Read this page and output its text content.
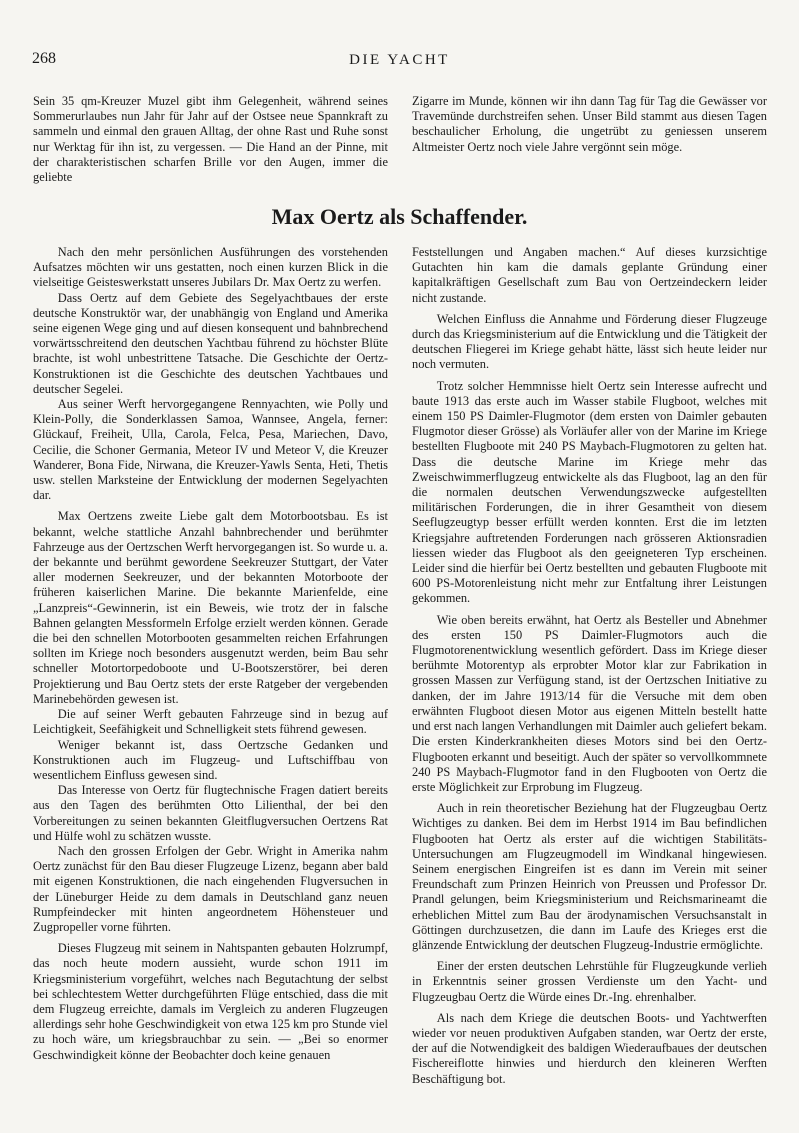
268	DIE YACHT

Sein 35 qm-Kreuzer Muzel gibt ihm Gelegenheit, während seines Sommerurlaubes nun Jahr für Jahr auf der Ostsee neue Spannkraft zu sammeln und einmal den grauen Alltag, der ohne Rast und Ruhe sonst nur Werktag für ihn ist, zu vergessen. — Die Hand an der Pinne, mit der charakteristischen scharfen Brille vor den Augen, immer die geliebte

Zigarre im Munde, können wir ihn dann Tag für Tag die Gewässer vor Travemünde durchstreifen sehen. Unser Bild stammt aus diesen Tagen beschaulicher Erholung, die ungetrübt zu geniessen unserem Altmeister Oertz noch viele Jahre vergönnt sein möge.

Max Oertz als Schaffender.

Nach den mehr persönlichen Ausführungen des vorstehenden Aufsatzes möchten wir uns gestatten, noch einen kurzen Blick in die vielseitige Geisteswerkstatt unseres Jubilars Dr. Max Oertz zu werfen.

Dass Oertz auf dem Gebiete des Segelyachtbaues der erste deutsche Konstruktör war, der unabhängig von England und Amerika seine eigenen Wege ging und auf diesen konsequent und bahnbrechend vorwärtsschreitend den deutschen Yachtbau führend zu höchster Blüte brachte, ist wohl unbestrittene Tatsache. Die Geschichte der Oertz-Konstruktionen ist die Geschichte des deutschen Yachtbaues und deutscher Segelei.

Aus seiner Werft hervorgegangene Rennyachten, wie Polly und Klein-Polly, die Sonderklassen Samoa, Wannsee, Angela, ferner: Glückauf, Freiheit, Ulla, Carola, Felca, Pesa, Mariechen, Davo, Cecilie, die Schoner Germania, Meteor IV und Meteor V, die Kreuzer Wanderer, Bona Fide, Nirwana, die Kreuzer-Yawls Senta, Heti, Thetis usw. stellen Marksteine der Entwicklung der modernen Segelyachten dar.

Max Oertzens zweite Liebe galt dem Motorbootsbau. Es ist bekannt, welche stattliche Anzahl bahnbrechender und berühmter Fahrzeuge aus der Oertzschen Werft hervorgegangen ist. So wurde u. a. der bekannte und berühmt gewordene Seekreuzer Stuttgart, der Vater aller modernen Seekreuzer, und der bekannten Motorboote der früheren kaiserlichen Marine. Die bekannte Marienfelde, eine „Lanzpreis“-Gewinnerin, ist ein Beweis, wie trotz der in falsche Bahnen gelangten Messformeln Erfolge erzielt werden können. Gerade die bei den schnellen Motorbooten gesammelten reichen Erfahrungen sollten im Kriege noch besonders ausgenutzt werden, beim Bau sehr schneller Motortorpedoboote und U-Bootszerstörer, bei deren Projektierung und Bau Oertz stets der erste Ratgeber der vergebenden Marinebehörden gewesen ist.

Die auf seiner Werft gebauten Fahrzeuge sind in bezug auf Leichtigkeit, Seefähigkeit und Schnelligkeit stets führend gewesen.

Weniger bekannt ist, dass Oertzsche Gedanken und Konstruktionen auch im Flugzeug- und Luftschiffbau von wesentlichem Einfluss gewesen sind.

Das Interesse von Oertz für flugtechnische Fragen datiert bereits aus den Tagen des berühmten Otto Lilienthal, der bei den Vorbereitungen zu seinen bekannten Gleitflugversuchen Oertzens Rat und Hülfe wohl zu schätzen wusste.

Nach den grossen Erfolgen der Gebr. Wright in Amerika nahm Oertz zunächst für den Bau dieser Flugzeuge Lizenz, begann aber bald mit eigenen Konstruktionen, die nach eingehenden Flugversuchen in der Lüneburger Heide zu dem damals in Deutschland ganz neuen Rumpfeindecker mit hinten angeordnetem Höhensteuer und Zugpropeller vorne führten.

Dieses Flugzeug mit seinem in Nahtspanten gebauten Holzrumpf, das noch heute modern aussieht, wurde schon 1911 im Kriegsministerium vorgeführt, welches nach Begutachtung der selbst bei schlechtestem Wetter durchgeführten Flüge entschied, dass die mit dem Flugzeug erreichte, damals im Vergleich zu anderen Flugzeugen allerdings sehr hohe Geschwindigkeit von etwa 125 km pro Stunde viel zu hoch wäre, um kriegsbrauchbar zu sein. — „Bei so enormer Geschwindigkeit könne der Beobachter doch keine genauen

Feststellungen und Angaben machen.“ Auf dieses kurzsichtige Gutachten hin kam die damals geplante Gründung einer kapitalkräftigen Gesellschaft zum Bau von Oertzeindeckern leider nicht zustande.

Welchen Einfluss die Annahme und Förderung dieser Flugzeuge durch das Kriegsministerium auf die Entwicklung und die Tätigkeit der deutschen Fliegerei im Kriege gehabt hätte, lässt sich heute leider nur noch vermuten.

Trotz solcher Hemmnisse hielt Oertz sein Interesse aufrecht und baute 1913 das erste auch im Wasser stabile Flugboot, welches mit einem 150 PS Daimler-Flugmotor (dem ersten von Daimler gebauten Flugmotor dieser Grösse) als Vorläufer aller von der Marine im Kriege bestellten Flugboote mit 240 PS Maybach-Flugmotoren zu gelten hat. Dass die deutsche Marine im Kriege mehr das Zweischwimmerflugzeug entwickelte als das Flugboot, lag an den für die normalen deutschen Verwendungszwecke aufgestellten militärischen Forderungen, die in ihrer Gesamtheit von diesem Seeflugzeugtyp besser erfüllt werden konnten. Erst die im letzten Kriegsjahre auftretenden Forderungen nach grösseren Aktionsradien liessen wieder das Flugboot als den geeigneteren Typ erscheinen. Leider sind die hierfür bei Oertz bestellten und gebauten Flugboote mit 600 PS-Motorenleistung nicht mehr zur Entfaltung ihrer Leistungen gekommen.

Wie oben bereits erwähnt, hat Oertz als Besteller und Abnehmer des ersten 150 PS Daimler-Flugmotors auch die Flugmotorenentwicklung wesentlich gefördert. Dass im Kriege dieser berühmte Motorentyp als erprobter Motor klar zur Fabrikation in grossen Massen zur Verfügung stand, ist der Oertzschen Initiative zu danken, der im Jahre 1913/14 für die Versuche mit dem oben erwähnten Flugboot diesen Motor aus eigenen Mitteln bestellt hatte und erst nach langen Verhandlungen mit Daimler auch geliefert bekam. Die ersten Kinderkrankheiten dieses Motors sind bei den Oertz-Flugbooten erkannt und beseitigt. Auch der später so vervollkommnete 240 PS Maybach-Flugmotor fand in den Flugbooten von Oertz die erste Möglichkeit zur Erprobung im Flugzeug.

Auch in rein theoretischer Beziehung hat der Flugzeugbau Oertz Wichtiges zu danken. Bei dem im Herbst 1914 im Bau befindlichen Flugbooten hat Oertz als erster auf die wichtigen Stabilitäts-Untersuchungen am Flugzeugmodell im Windkanal hingewiesen. Seinem energischen Eingreifen ist es dann im Verein mit seiner Freundschaft zum Prinzen Heinrich von Preussen und Professor Dr. Prandl gelungen, beim Kriegsministerium und Reichsmarineamt die erheblichen Mittel zum Bau der ärodynamischen Versuchsanstalt in Göttingen durchzusetzen, die dann im Laufe des Krieges erst die glänzende Entwicklung der deutschen Flugzeug-Industrie ermöglichte.

Einer der ersten deutschen Lehrstühle für Flugzeugkunde verlieh in Erkenntnis seiner grossen Verdienste um den Yacht- und Flugzeugbau Oertz die Würde eines Dr.-Ing. ehrenhalber.

Als nach dem Kriege die deutschen Boots- und Yachtwerften wieder vor neuen produktiven Aufgaben standen, war Oertz der erste, der auf die Notwendigkeit des baldigen Wiederaufbaues der deutschen Fischereiflotte hinwies und hierdurch den kleineren Werften Beschäftigung bot.
